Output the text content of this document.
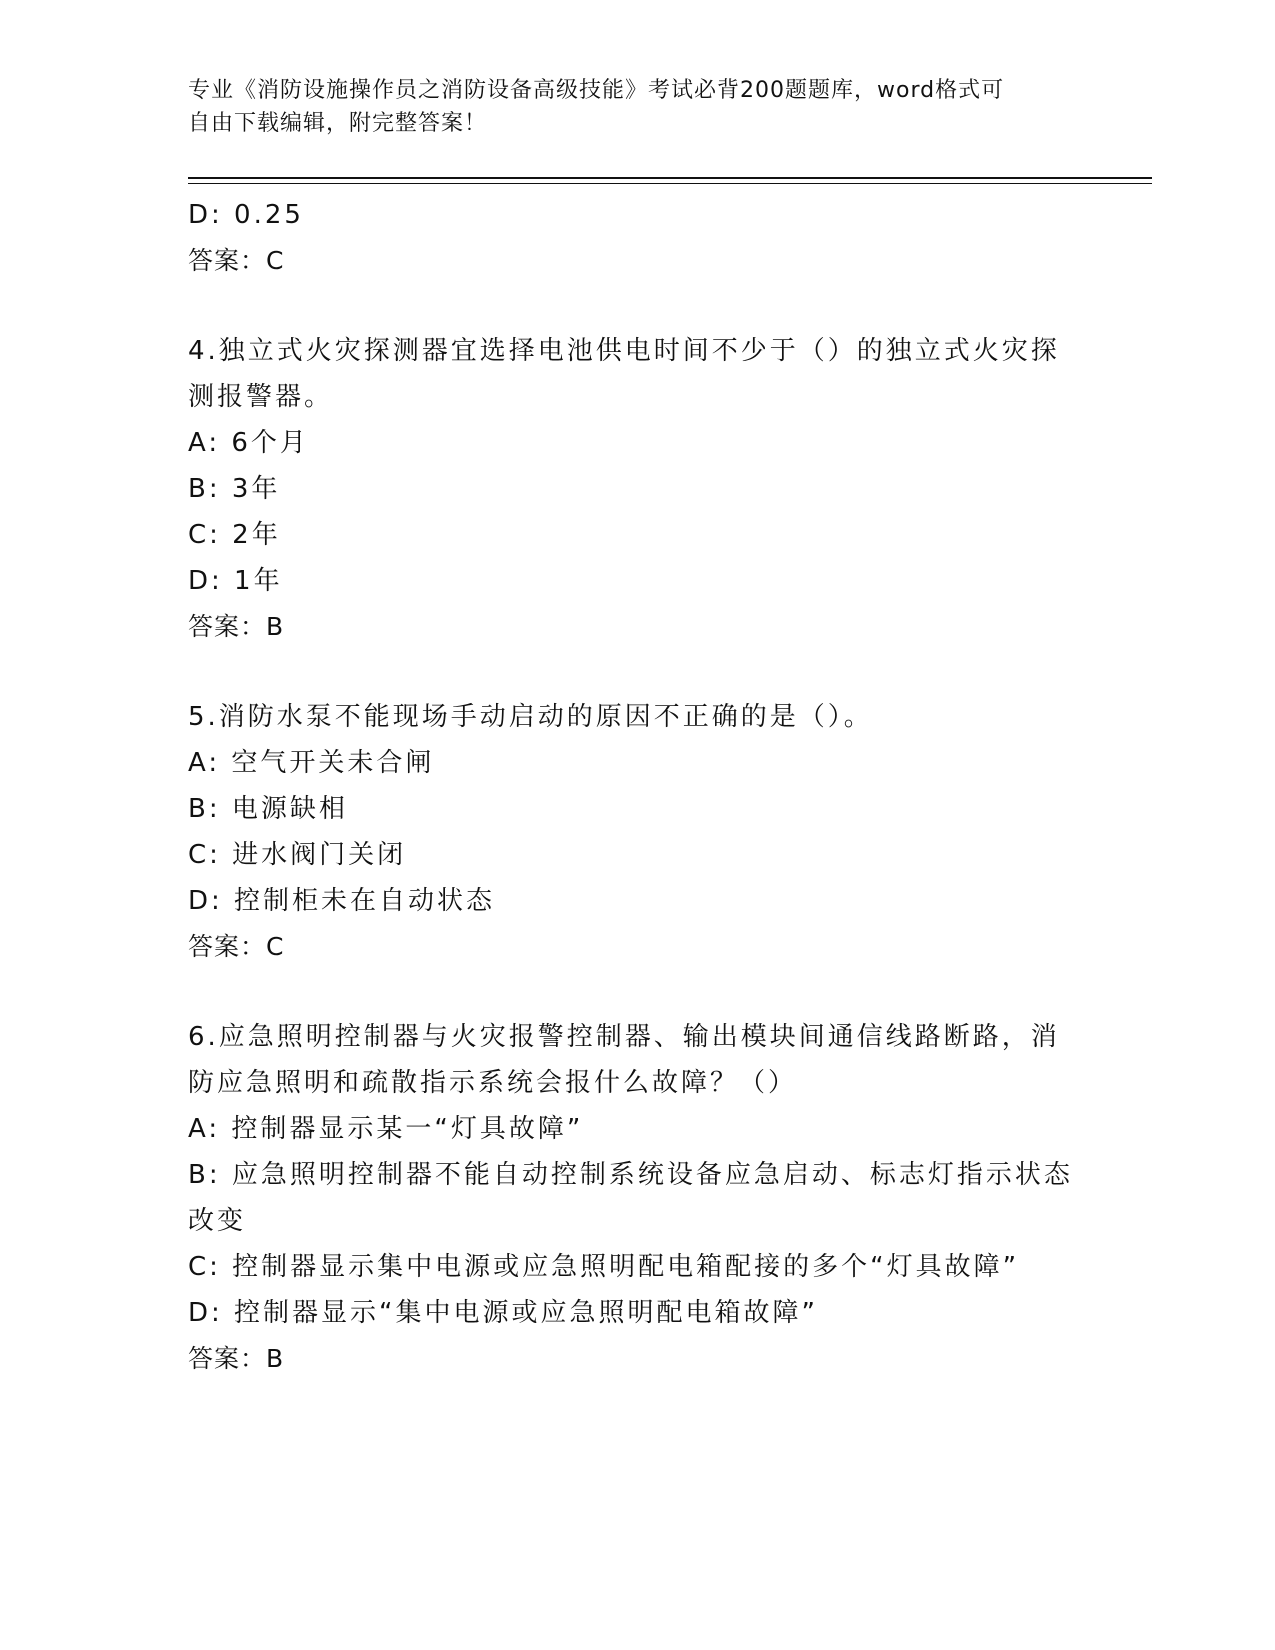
专业《消防设施操作员之消防设备高级技能》考试必背200题题库，word格式可
自由下载编辑，附完整答案！
D: 0.25
答案：C
4.独立式火灾探测器宜选择电池供电时间不少于（）的独立式火灾探
测报警器。
A: 6个月
B: 3年
C: 2年
D: 1年
答案：B
5.消防水泵不能现场手动启动的原因不正确的是（）。
A: 空气开关未合闸
B: 电源缺相
C: 进水阀门关闭
D: 控制柜未在自动状态
答案：C
6.应急照明控制器与火灾报警控制器、输出模块间通信线路断路，消
防应急照明和疏散指示系统会报什么故障？（）
A: 控制器显示某一“灯具故障”
B: 应急照明控制器不能自动控制系统设备应急启动、标志灯指示状态
改变
C: 控制器显示集中电源或应急照明配电箱配接的多个“灯具故障”
D: 控制器显示“集中电源或应急照明配电箱故障”
答案：B
